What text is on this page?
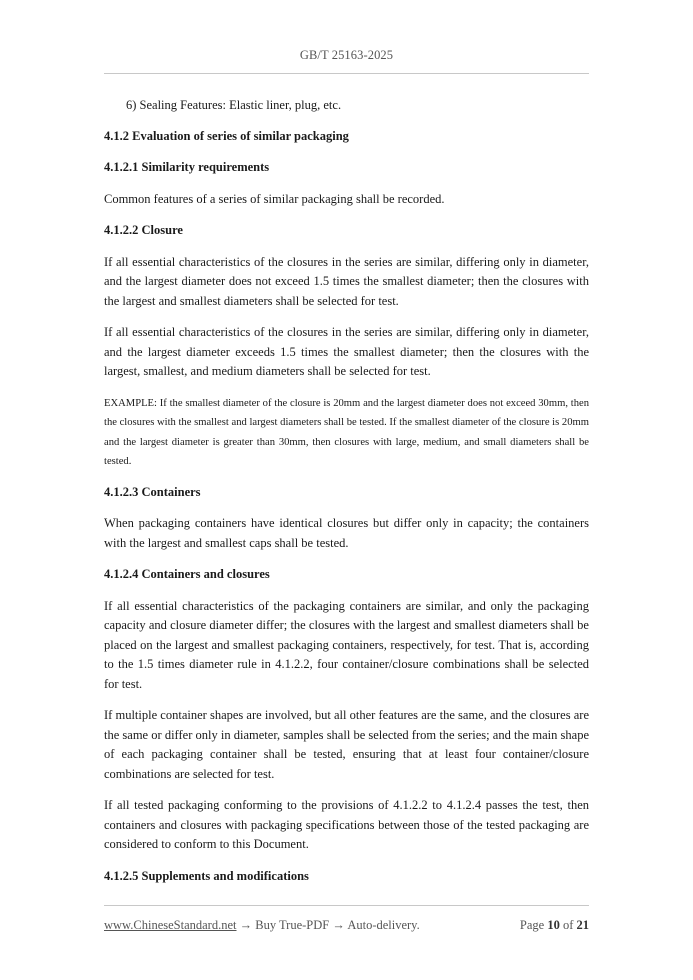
GB/T 25163-2025

6) Sealing Features: Elastic liner, plug, etc.

4.1.2 Evaluation of series of similar packaging

4.1.2.1 Similarity requirements

Common features of a series of similar packaging shall be recorded.

4.1.2.2 Closure

If all essential characteristics of the closures in the series are similar, differing only in diameter, and the largest diameter does not exceed 1.5 times the smallest diameter; then the closures with the largest and smallest diameters shall be selected for test.

If all essential characteristics of the closures in the series are similar, differing only in diameter, and the largest diameter exceeds 1.5 times the smallest diameter; then the closures with the largest, smallest, and medium diameters shall be selected for test.

EXAMPLE: If the smallest diameter of the closure is 20mm and the largest diameter does not exceed 30mm, then the closures with the smallest and largest diameters shall be tested. If the smallest diameter of the closure is 20mm and the largest diameter is greater than 30mm, then closures with large, medium, and small diameters shall be tested.

4.1.2.3 Containers

When packaging containers have identical closures but differ only in capacity; the containers with the largest and smallest caps shall be tested.

4.1.2.4 Containers and closures

If all essential characteristics of the packaging containers are similar, and only the packaging capacity and closure diameter differ; the closures with the largest and smallest diameters shall be placed on the largest and smallest packaging containers, respectively, for test. That is, according to the 1.5 times diameter rule in 4.1.2.2, four container/closure combinations shall be selected for test.

If multiple container shapes are involved, but all other features are the same, and the closures are the same or differ only in diameter, samples shall be selected from the series; and the main shape of each packaging container shall be tested, ensuring that at least four container/closure combinations are selected for test.

If all tested packaging conforming to the provisions of 4.1.2.2 to 4.1.2.4 passes the test, then containers and closures with packaging specifications between those of the tested packaging are considered to conform to this Document.

4.1.2.5 Supplements and modifications

www.ChineseStandard.net → Buy True-PDF → Auto-delivery.	Page 10 of 21
